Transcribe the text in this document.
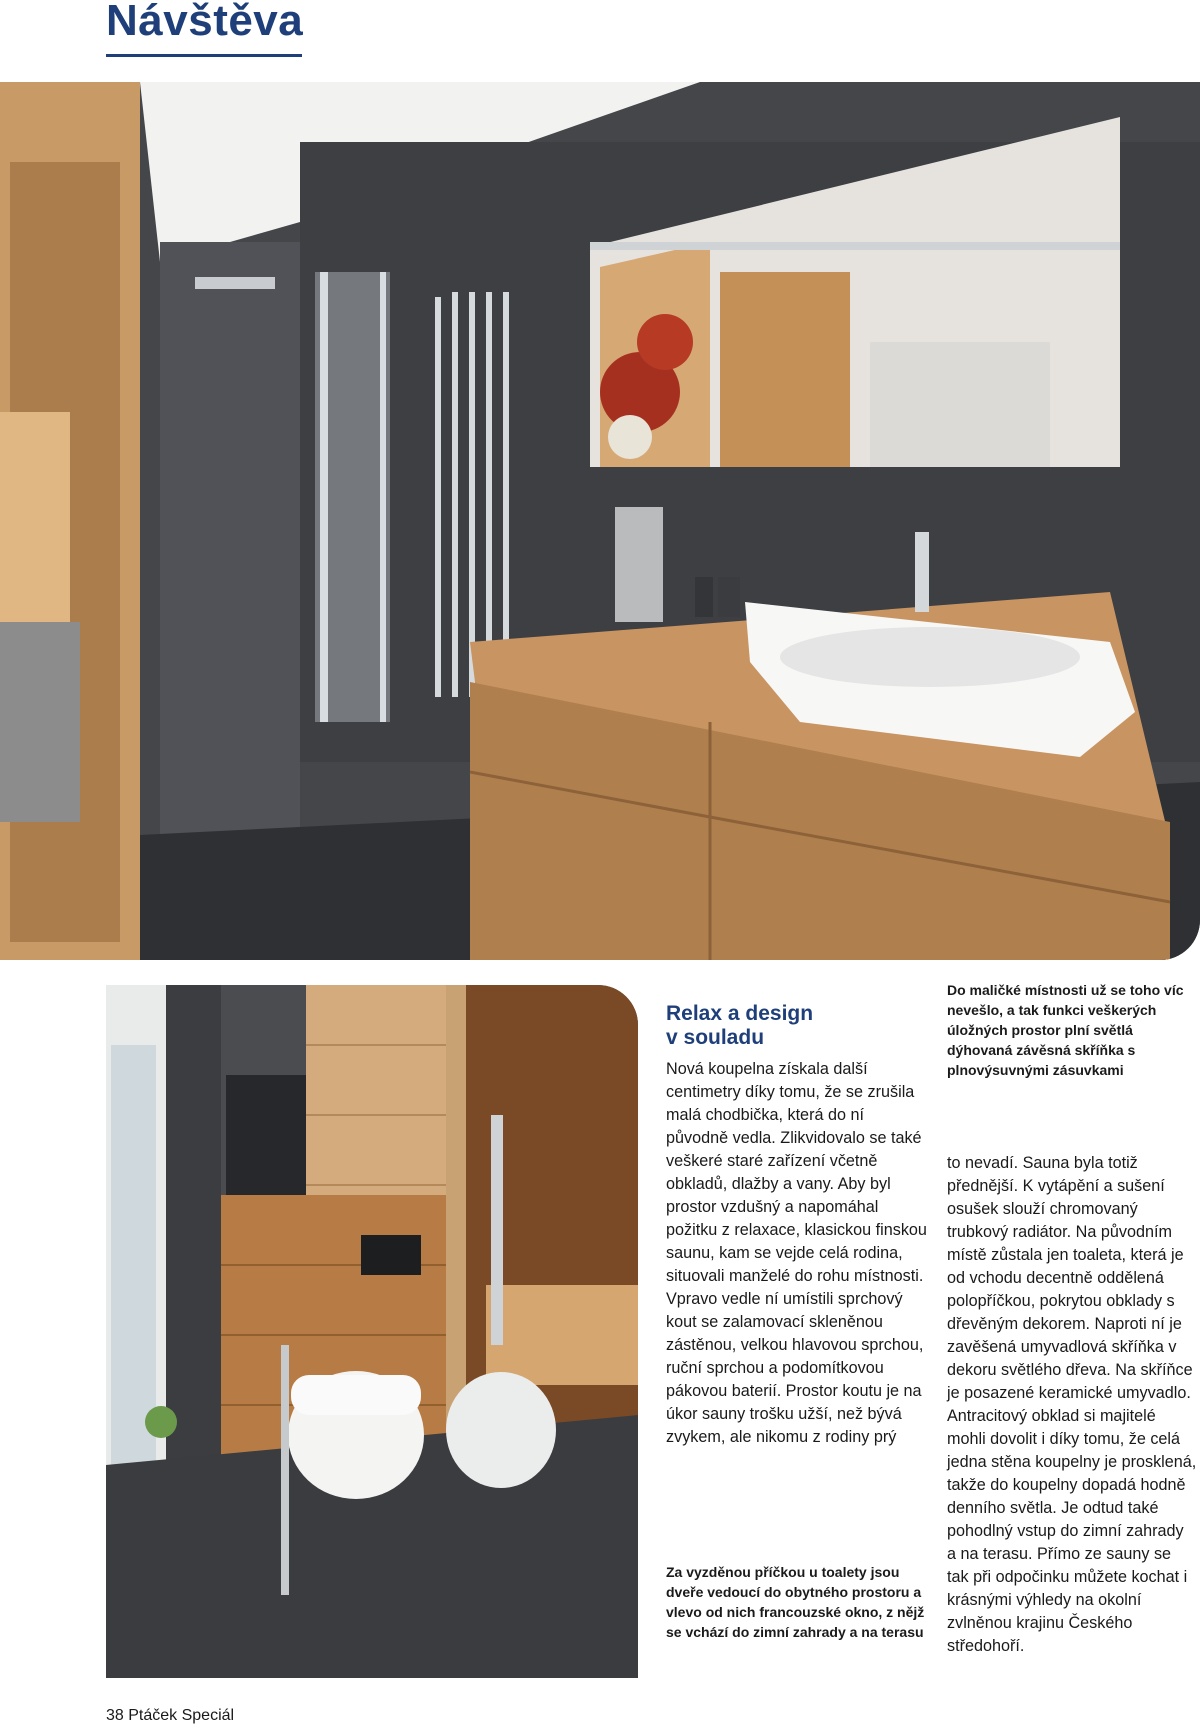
Návštěva
Relax a design
v souladu

Nová koupelna získala další centimetry díky tomu, že se zrušila malá chodbička, která do ní původně vedla. Zlikvidovalo se také veškeré staré zařízení včetně obkladů, dlažby a vany. Aby byl prostor vzdušný a napomáhal požitku z relaxace, klasickou finskou saunu, kam se vejde celá rodina, situovali manželé do rohu místnosti. Vpravo vedle ní umístili sprchový kout se zalamovací skleněnou zástěnou, velkou hlavovou sprchou, ruční sprchou a podomítkovou pákovou baterií. Prostor koutu je na úkor sauny trošku užší, než bývá zvykem, ale nikomu z rodiny prý

Do maličké místnosti už se toho víc nevešlo, a tak funkci veškerých úložných prostor plní světlá dýhovaná závěsná skříňka s plnovýsuvnými zásuvkami

to nevadí. Sauna byla totiž přednější. K vytápění a sušení osušek slouží chromovaný trubkový radiátor. Na původním místě zůstala jen toaleta, která je od vchodu decentně oddělená polopříčkou, pokrytou obklady s dřevěným dekorem. Naproti ní je zavěšená umyvadlová skříňka v dekoru světlého dřeva. Na skříňce je posazené keramické umyvadlo. Antracitový obklad si majitelé mohli dovolit i díky tomu, že celá jedna stěna koupelny je prosklená, takže do koupelny dopadá hodně denního světla. Je odtud také pohodlný vstup do zimní zahrady a na terasu. Přímo ze sauny se tak při odpočinku můžete kochat i krásnými výhledy na okolní zvlněnou krajinu Českého středohoří.

Za vyzděnou příčkou u toalety jsou dveře vedoucí do obytného prostoru a vlevo od nich francouzské okno, z nějž se vchází do zimní zahrady a na terasu

38 Ptáček Speciál
